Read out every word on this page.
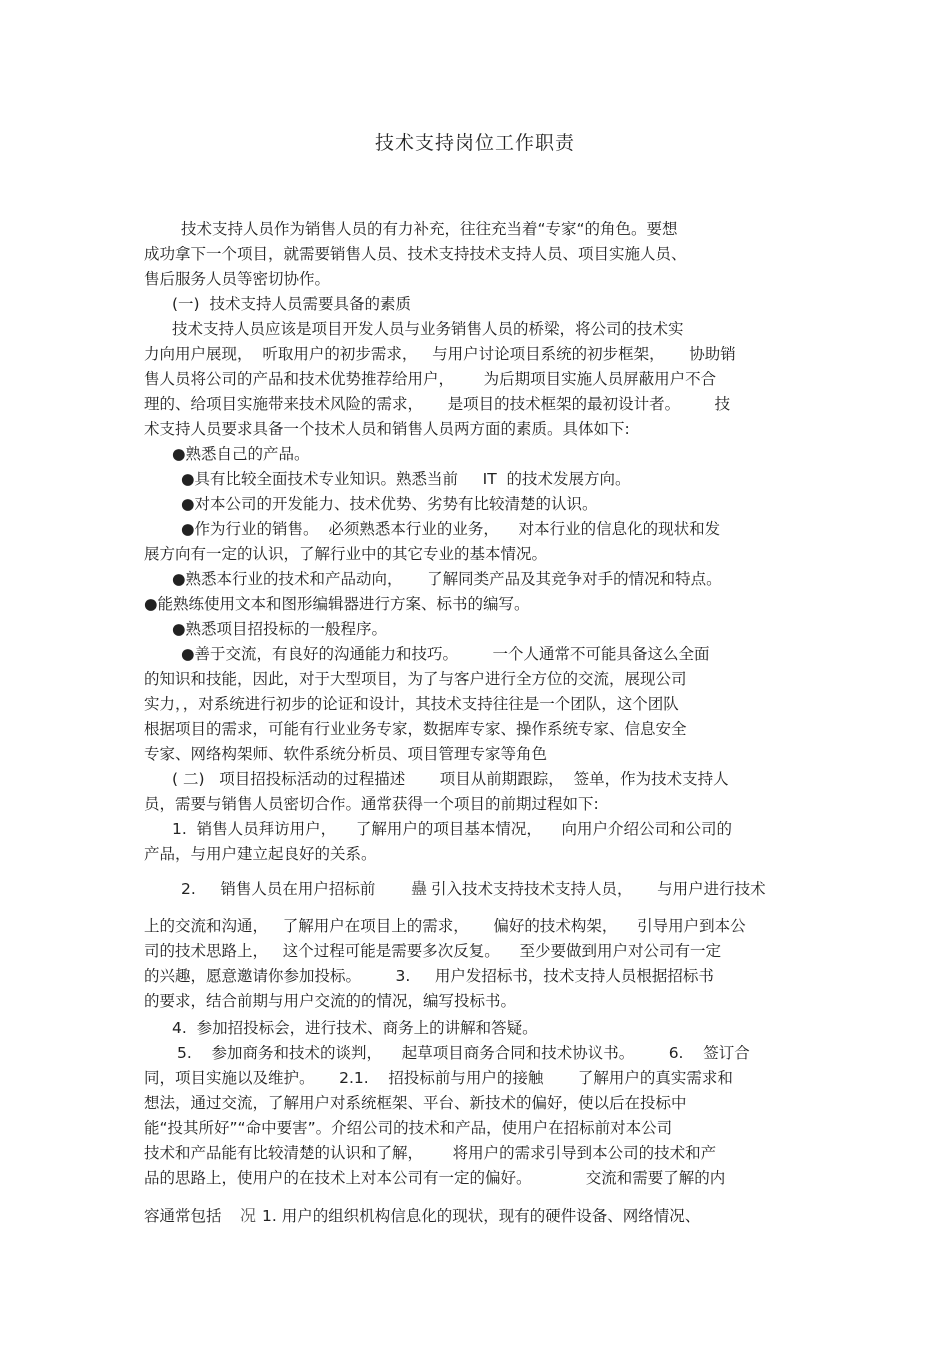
技术支持岗位工作职责
技术支持人员作为销售人员的有力补充，往往充当着“专家“的角色。要想
成功拿下一个项目，就需要销售人员、技术支持技术支持人员、项目实施人员、
售后服务人员等密切协作。
(一)  技术支持人员需要具备的素质
技术支持人员应该是项目开发人员与业务销售人员的桥梁，将公司的技术实
力向用户展现，  听取用户的初步需求，   与用户讨论项目系统的初步框架，     协助销
售人员将公司的产品和技术优势推荐给用户，      为后期项目实施人员屏蔽用户不合
理的、给项目实施带来技术风险的需求，     是项目的技术框架的最初设计者。       技
术支持人员要求具备一个技术人员和销售人员两方面的素质。具体如下:
●熟悉自己的产品。
●具有比较全面技术专业知识。熟悉当前     IT  的技术发展方向。
●对本公司的开发能力、技术优势、劣势有比较清楚的认识。
●作为行业的销售。  必须熟悉本行业的业务，    对本行业的信息化的现状和发
展方向有一定的认识，了解行业中的其它专业的基本情况。
●熟悉本行业的技术和产品动向，     了解同类产品及其竞争对手的情况和特点。
●能熟练使用文本和图形编辑器进行方案、标书的编写。
●熟悉项目招投标的一般程序。
●善于交流，有良好的沟通能力和技巧。       一个人通常不可能具备这么全面
的知识和技能，因此，对于大型项目，为了与客户进行全方位的交流，展现公司
实力，，对系统进行初步的论证和设计，其技术支持往往是一个团队，这个团队
根据项目的需求，可能有行业业务专家，数据库专家、操作系统专家、信息安全
专家、网络构架师、软件系统分析员、项目管理专家等角色
( 二)   项目招投标活动的过程描述       项目从前期跟踪，  签单，作为技术支持人
员，需要与销售人员密切合作。通常获得一个项目的前期过程如下:
1.  销售人员拜访用户，    了解用户的项目基本情况，    向用户介绍公司和公司的
产品，与用户建立起良好的关系。
2.     销售人员在用户招标前 蠱 引入技术支持技术支持人员，     与用户进行技术
上的交流和沟通，   了解用户在项目上的需求，     偏好的技术构架，    引导用户到本公
司的技术思路上，   这个过程可能是需要多次反复。    至少要做到用户对公司有一定
的兴趣，愿意邀请你参加投标。       3.     用户发招标书，技术支持人员根据招标书
的要求，结合前期与用户交流的的情况，编写投标书。
4.  参加招投标会，进行技术、商务上的讲解和答疑。
5.    参加商务和技术的谈判，    起草项目商务合同和技术协议书。       6.    签订合
同，项目实施以及维护。     2.1.    招投标前与用户的接触       了解用户的真实需求和
想法，通过交流，了解用户对系统框架、平台、新技术的偏好，使以后在投标中
能“投其所好”“命中要害”。介绍公司的技术和产品，使用户在招标前对本公司
技术和产品能有比较清楚的认识和了解，      将用户的需求引导到本公司的技术和产
品的思路上，使用户的在技术上对本公司有一定的偏好。           交流和需要了解的内
容通常包括 况 1. 用户的组织机构信息化的现状，现有的硬件设备、网络情况、
